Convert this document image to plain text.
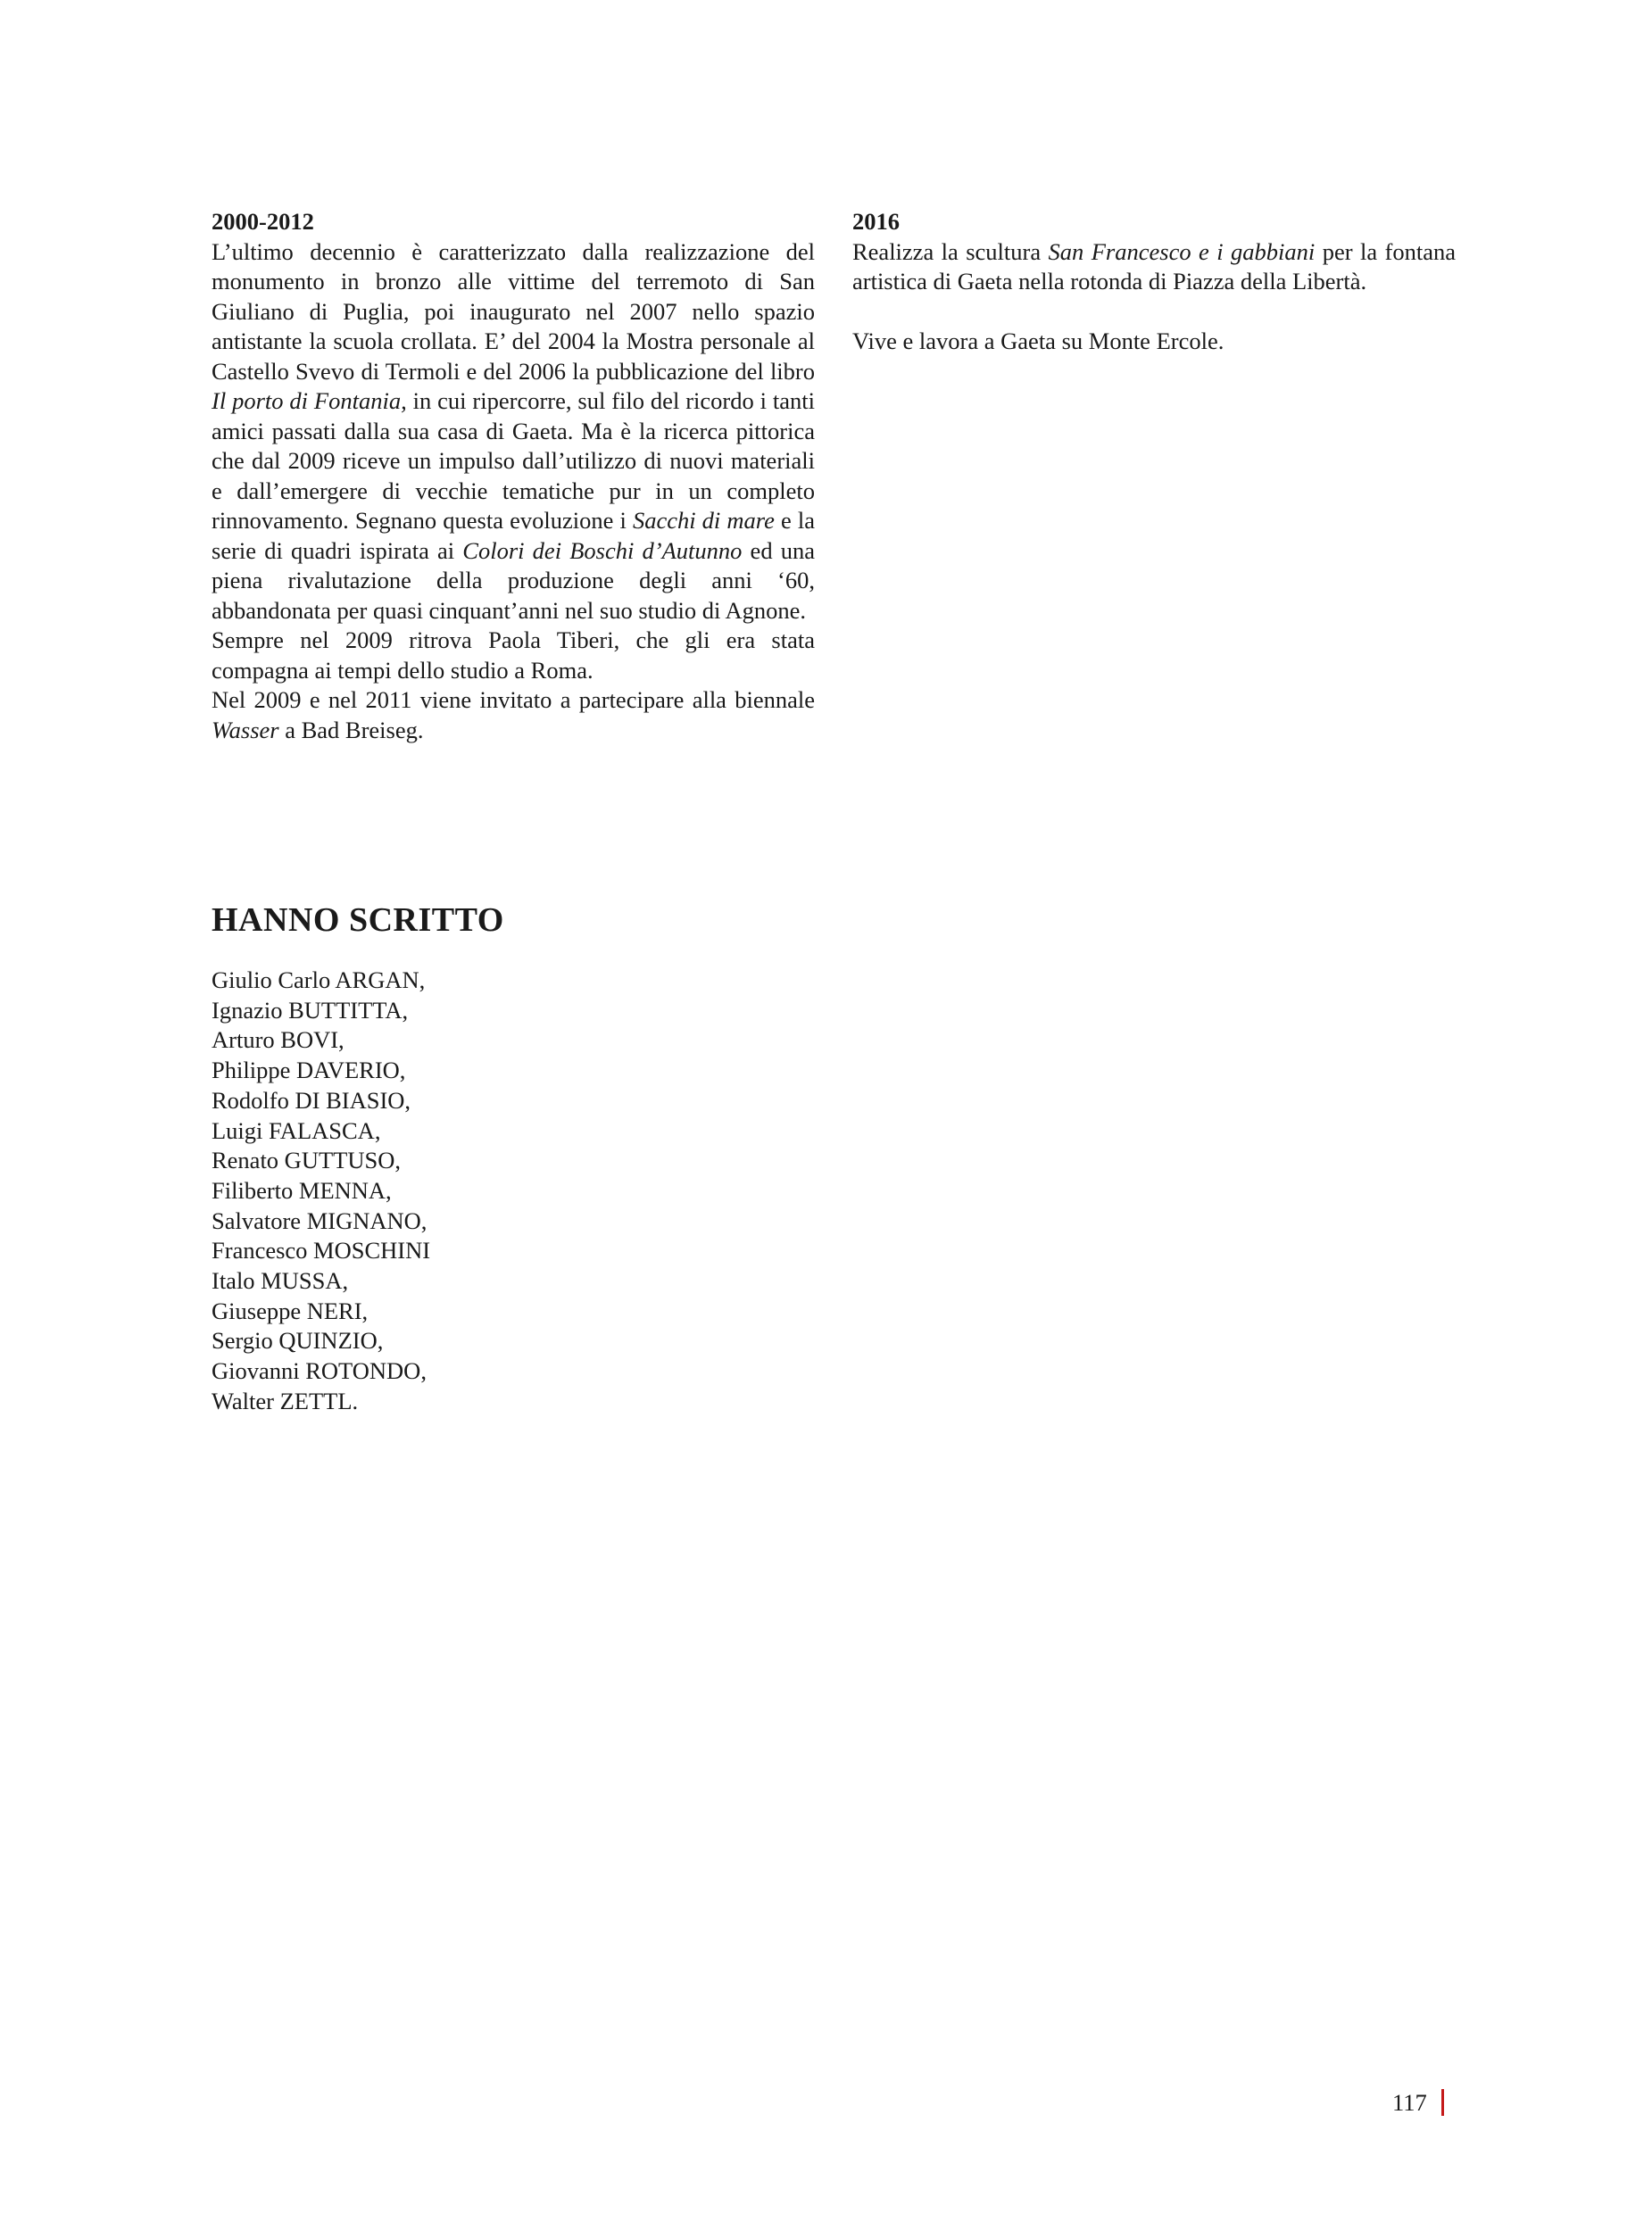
2000-2012

L’ultimo decennio è caratterizzato dalla realizzazione del monumento in bronzo alle vittime del terremoto di San Giuliano di Puglia, poi inaugurato nel 2007 nello spazio antistante la scuola crollata. E’ del 2004 la Mostra personale al Castello Svevo di Termoli e del 2006 la pubblicazione del libro Il porto di Fontania, in cui ripercorre, sul filo del ricordo i tanti amici passati dalla sua casa di Gaeta. Ma è la ricerca pittorica che dal 2009 riceve un impulso dall’utilizzo di nuovi materiali e dall’emergere di vecchie tematiche pur in un completo rinnovamento. Segnano questa evoluzione i Sacchi di mare e la serie di quadri ispirata ai Colori dei Boschi d’Autunno ed una piena rivalutazione della produzione degli anni ‘60, abbandonata per quasi cinquant’anni nel suo studio di Agnone.

Sempre nel 2009 ritrova Paola Tiberi, che gli era stata compagna ai tempi dello studio a Roma.

Nel 2009 e nel 2011 viene invitato a partecipare alla biennale Wasser a Bad Breiseg.

2016

Realizza la scultura San Francesco e i gabbiani per la fontana artistica di Gaeta nella rotonda di Piazza della Libertà.

Vive e lavora a Gaeta su Monte Ercole.

HANNO SCRITTO
Giulio Carlo ARGAN,
Ignazio BUTTITTA,
Arturo BOVI,
Philippe DAVERIO,
Rodolfo DI BIASIO,
Luigi FALASCA,
Renato GUTTUSO,
Filiberto MENNA,
Salvatore MIGNANO,
Francesco MOSCHINI
Italo MUSSA,
Giuseppe NERI,
Sergio QUINZIO,
Giovanni ROTONDO,
Walter ZETTL.
117
